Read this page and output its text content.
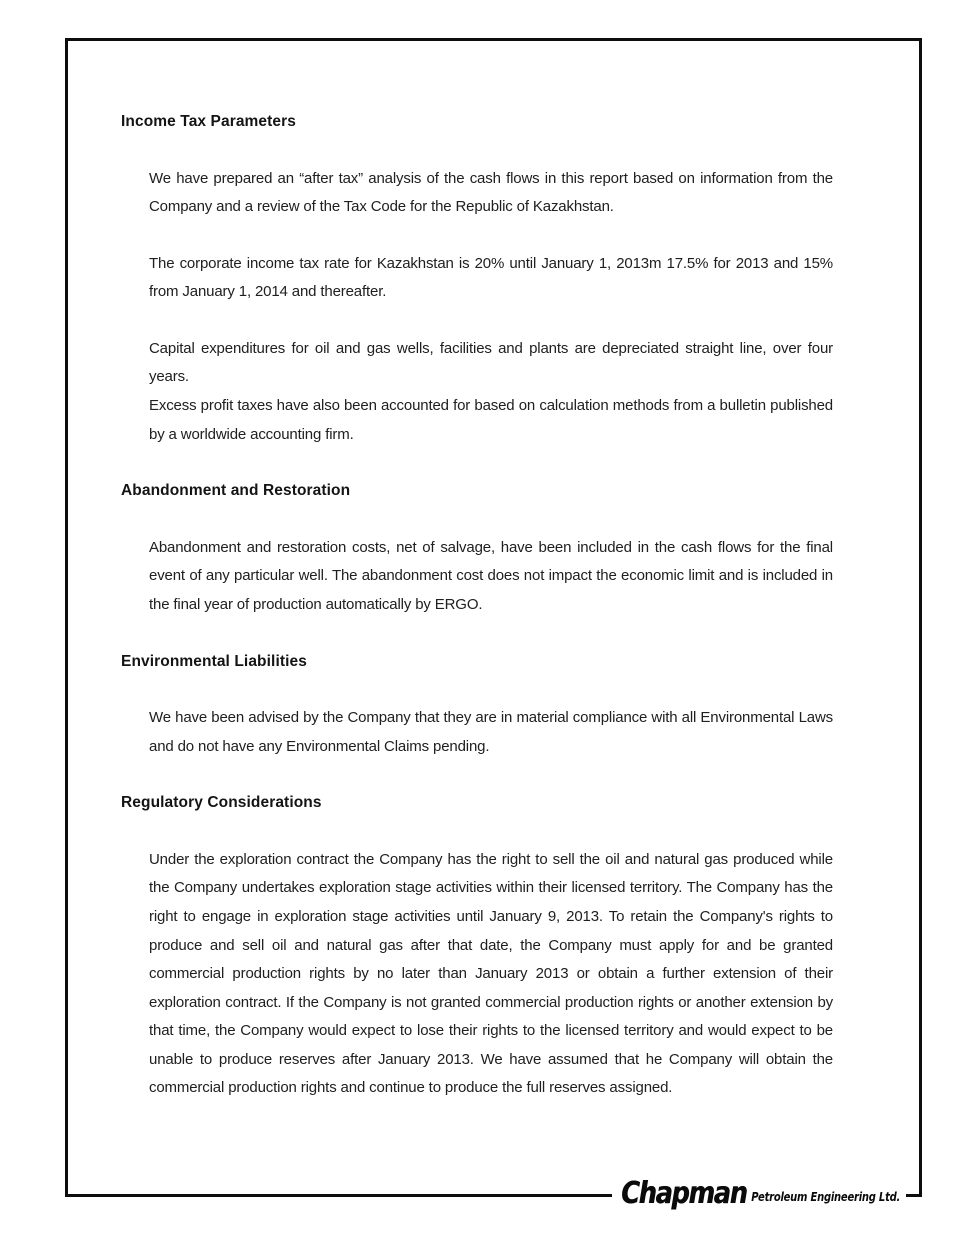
Income Tax Parameters

We have prepared an “after tax” analysis of the cash flows in this report based on information from the Company and a review of the Tax Code for the Republic of Kazakhstan.

The corporate income tax rate for Kazakhstan is 20% until January 1, 2013m 17.5% for 2013 and 15% from January 1, 2014 and thereafter.

Capital expenditures for oil and gas wells, facilities and plants are depreciated straight line, over four years.

Excess profit taxes have also been accounted for based on calculation methods from a bulletin published by a worldwide accounting firm.

Abandonment and Restoration

Abandonment and restoration costs, net of salvage, have been included in the cash flows for the final event of any particular well. The abandonment cost does not impact the economic limit and is included in the final year of production automatically by ERGO.

Environmental Liabilities

We have been advised by the Company that they are in material compliance with all Environmental Laws and do not have any Environmental Claims pending.

Regulatory Considerations

Under the exploration contract the Company has the right to sell the oil and natural gas produced while the Company undertakes exploration stage activities within their licensed territory. The Company has the right to engage in exploration stage activities until January 9, 2013. To retain the Company's rights to produce and sell oil and natural gas after that date, the Company must apply for and be granted commercial production rights by no later than January 2013 or obtain a further extension of their exploration contract. If the Company is not granted commercial production rights or another extension by that time, the Company would expect to lose their rights to the licensed territory and would expect to be unable to produce reserves after January 2013. We have assumed that he Company will obtain the commercial production rights and continue to produce the full reserves assigned.

Chapman Petroleum Engineering Ltd.
